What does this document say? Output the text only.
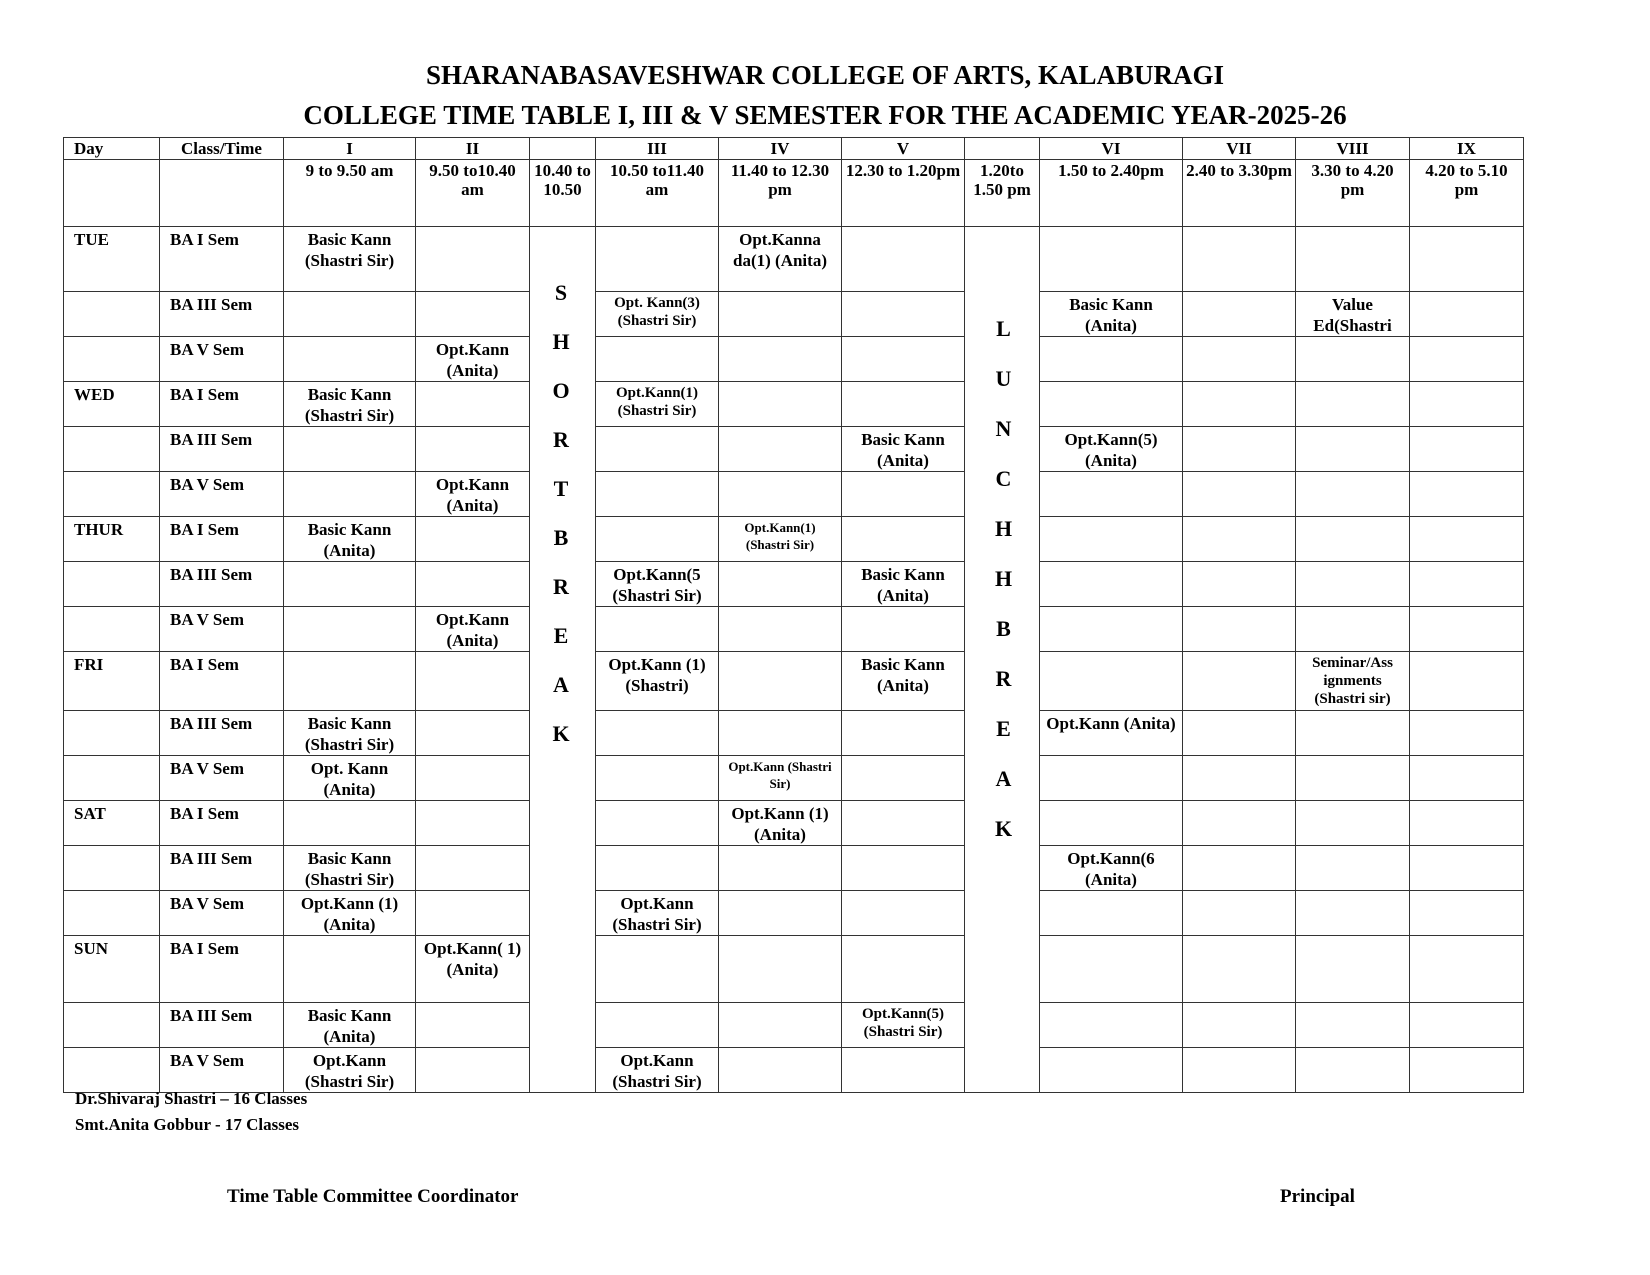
SHARANABASAVESHWAR COLLEGE OF ARTS, KALABURAGI
COLLEGE TIME TABLE I, III & V SEMESTER FOR THE ACADEMIC YEAR-2025-26
Day	Class/Time	I	II		III	IV	V		VI	VII	VIII	IX
		9 to 9.50 am	9.50 to10.40 am	10.40 to 10.50	10.50 to11.40 am	11.40 to 12.30 pm	12.30 to 1.20pm	1.20to 1.50 pm	1.50 to 2.40pm	2.40 to 3.30pm	3.30 to 4.20 pm	4.20 to 5.10 pm
TUE	BA I Sem	Basic Kann (Shastri Sir)				Opt.Kanna da(1) (Anita)						
	BA III Sem				Opt. Kann(3) (Shastri Sir)				Basic Kann (Anita)		Value Ed(Shastri	
	BA V Sem		Opt.Kann (Anita)									
WED	BA I Sem	Basic Kann (Shastri Sir)			Opt.Kann(1) (Shastri Sir)							
	BA III Sem						Basic Kann (Anita)		Opt.Kann(5) (Anita)			
	BA V Sem		Opt.Kann (Anita)									
THUR	BA I Sem	Basic Kann (Anita)				Opt.Kann(1) (Shastri Sir)						
	BA III Sem				Opt.Kann(5 (Shastri Sir)		Basic Kann (Anita)					
	BA V Sem		Opt.Kann (Anita)									
FRI	BA I Sem				Opt.Kann (1) (Shastri)		Basic Kann (Anita)				Seminar/Ass ignments (Shastri sir)	
	BA III Sem	Basic Kann (Shastri Sir)							Opt.Kann (Anita)			
	BA V Sem	Opt. Kann (Anita)				Opt.Kann (Shastri Sir)						
SAT	BA I Sem					Opt.Kann (1)(Anita)						
	BA III Sem	Basic Kann (Shastri Sir)							Opt.Kann(6 (Anita)			
	BA V Sem	Opt.Kann (1)(Anita)			Opt.Kann (Shastri Sir)							
SUN	BA I Sem		Opt.Kann( 1) (Anita)									
	BA III Sem	Basic Kann (Anita)					Opt.Kann(5) (Shastri Sir)					
	BA V Sem	Opt.Kann (Shastri Sir)			Opt.Kann (Shastri Sir)							
S
H
O
R
T
B
R
E
A
K
L
U
N
C
H
H
B
R
E
A
K
Dr.Shivaraj Shastri – 16 Classes
Smt.Anita Gobbur - 17 Classes
Time Table Committee Coordinator	Principal
